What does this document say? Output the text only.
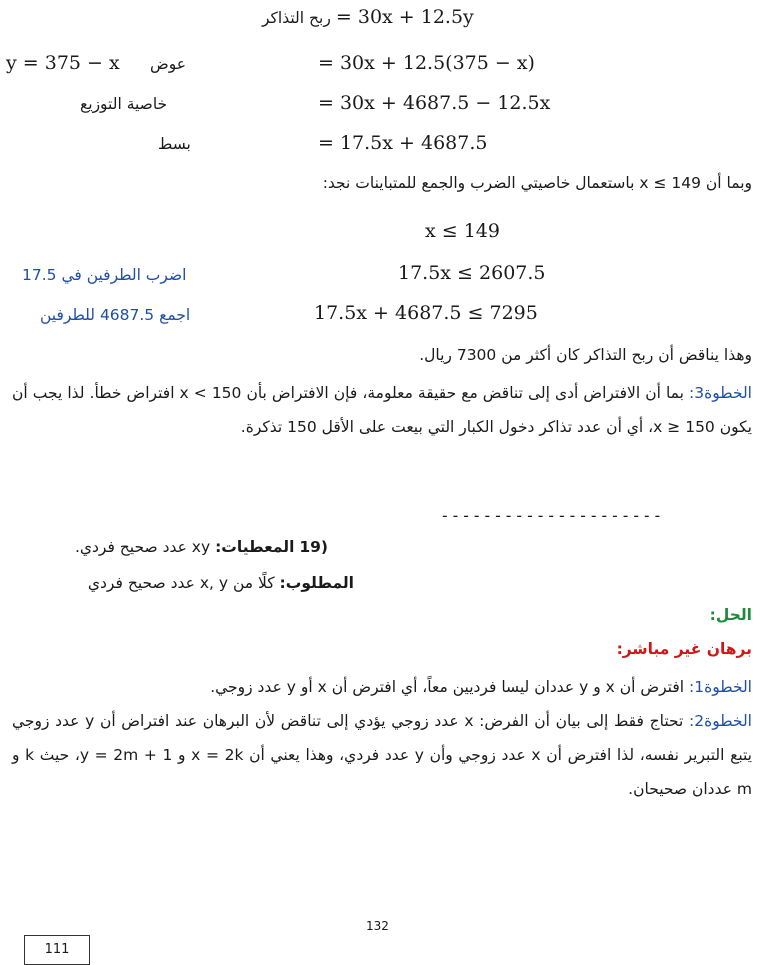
ربح التذاكر = 30x + 12.5y
y = 375 − x عوض	= 30x + 12.5(375 − x)
خاصية التوزيع	= 30x + 4687.5 − 12.5x
بسط	= 17.5x + 4687.5
وبما أن 149 ≥ x باستعمال خاصيتي الضرب والجمع للمتباينات نجد:
x ≤ 149
اضرب الطرفين في 17.5	17.5x ≤ 2607.5
اجمع 4687.5 للطرفين	17.5x + 4687.5 ≤ 7295
وهذا يناقض أن ربح التذاكر كان أكثر من 7300 ريال.
الخطوة3: بما أن الافتراض أدى إلى تناقض مع حقيقة معلومة، فإن الافتراض بأن 150 > x افتراض خطأ. لذا يجب أن يكون 150 ≤ x، أي أن عدد تذاكر دخول الكبار التي بيعت على الأقل 150 تذكرة.
---------------------
(19 المعطيات: xy عدد صحيح فردي.
المطلوب: كلًا من x, y عدد صحيح فردي
الحل:
برهان غير مباشر:
الخطوة1: افترض أن x و y عددان ليسا فرديين معاً، أي افترض أن x أو y عدد زوجي.
الخطوة2: تحتاج فقط إلى بيان أن الفرض: x عدد زوجي يؤدي إلى تناقض لأن البرهان عند افتراض أن y عدد زوجي يتبع التبرير نفسه، لذا افترض أن x عدد زوجي وأن y عدد فردي، وهذا يعني أن x = 2k و y = 2m + 1، حيث k و m عددان صحيحان.
132
111
